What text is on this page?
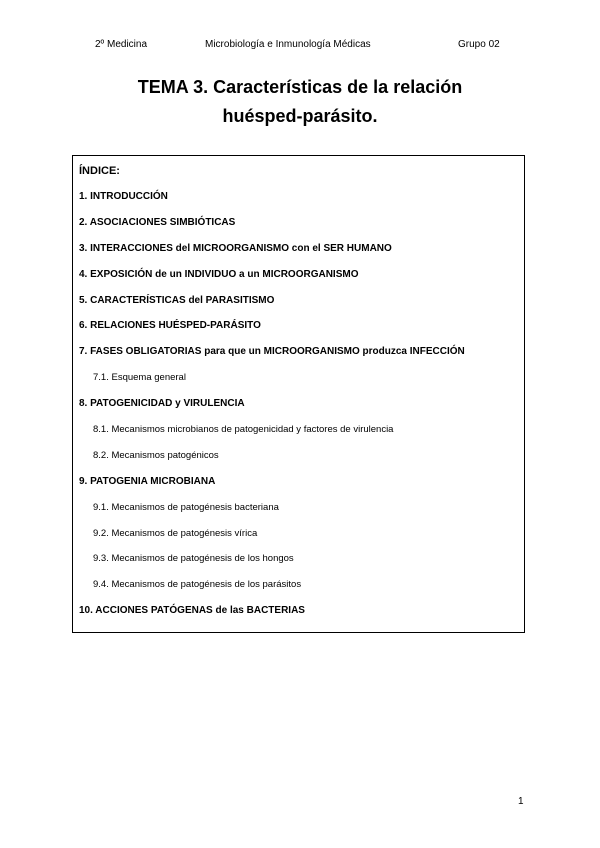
2º Medicina	Microbiología e Inmunología Médicas	Grupo 02
TEMA 3. Características de la relación
huésped-parásito.
ÍNDICE:
1. INTRODUCCIÓN
2. ASOCIACIONES SIMBIÓTICAS
3. INTERACCIONES del MICROORGANISMO con el SER HUMANO
4. EXPOSICIÓN de un INDIVIDUO a un MICROORGANISMO
5. CARACTERÍSTICAS del PARASITISMO
6. RELACIONES HUÉSPED-PARÁSITO
7. FASES OBLIGATORIAS para que un MICROORGANISMO produzca INFECCIÓN
7.1. Esquema general
8. PATOGENICIDAD y VIRULENCIA
8.1. Mecanismos microbianos de patogenicidad y factores de virulencia
8.2. Mecanismos patogénicos
9. PATOGENIA MICROBIANA
9.1. Mecanismos de patogénesis bacteriana
9.2. Mecanismos de patogénesis vírica
9.3. Mecanismos de patogénesis de los hongos
9.4. Mecanismos de patogénesis de los parásitos
10. ACCIONES PATÓGENAS de las BACTERIAS
1
